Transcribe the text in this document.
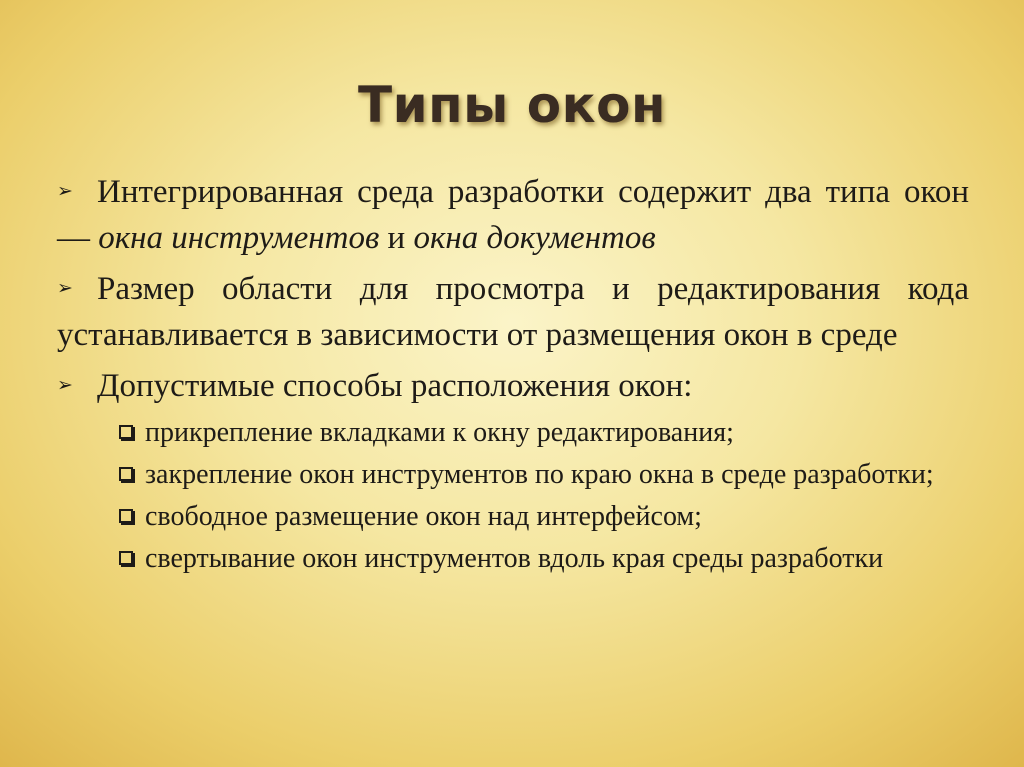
Типы окон

➢ Интегрированная среда разработки содержит два типа окон — окна инструментов и окна документов

➢ Размер области для просмотра и редактирования кода устанавливается в зависимости от размещения окон в среде

➢ Допустимые способы расположения окон:

прикрепление вкладками к окну редактирования;

закрепление окон инструментов по краю окна в среде разработки;

свободное размещение окон над интерфейсом;

свертывание окон инструментов вдоль края среды разработки
